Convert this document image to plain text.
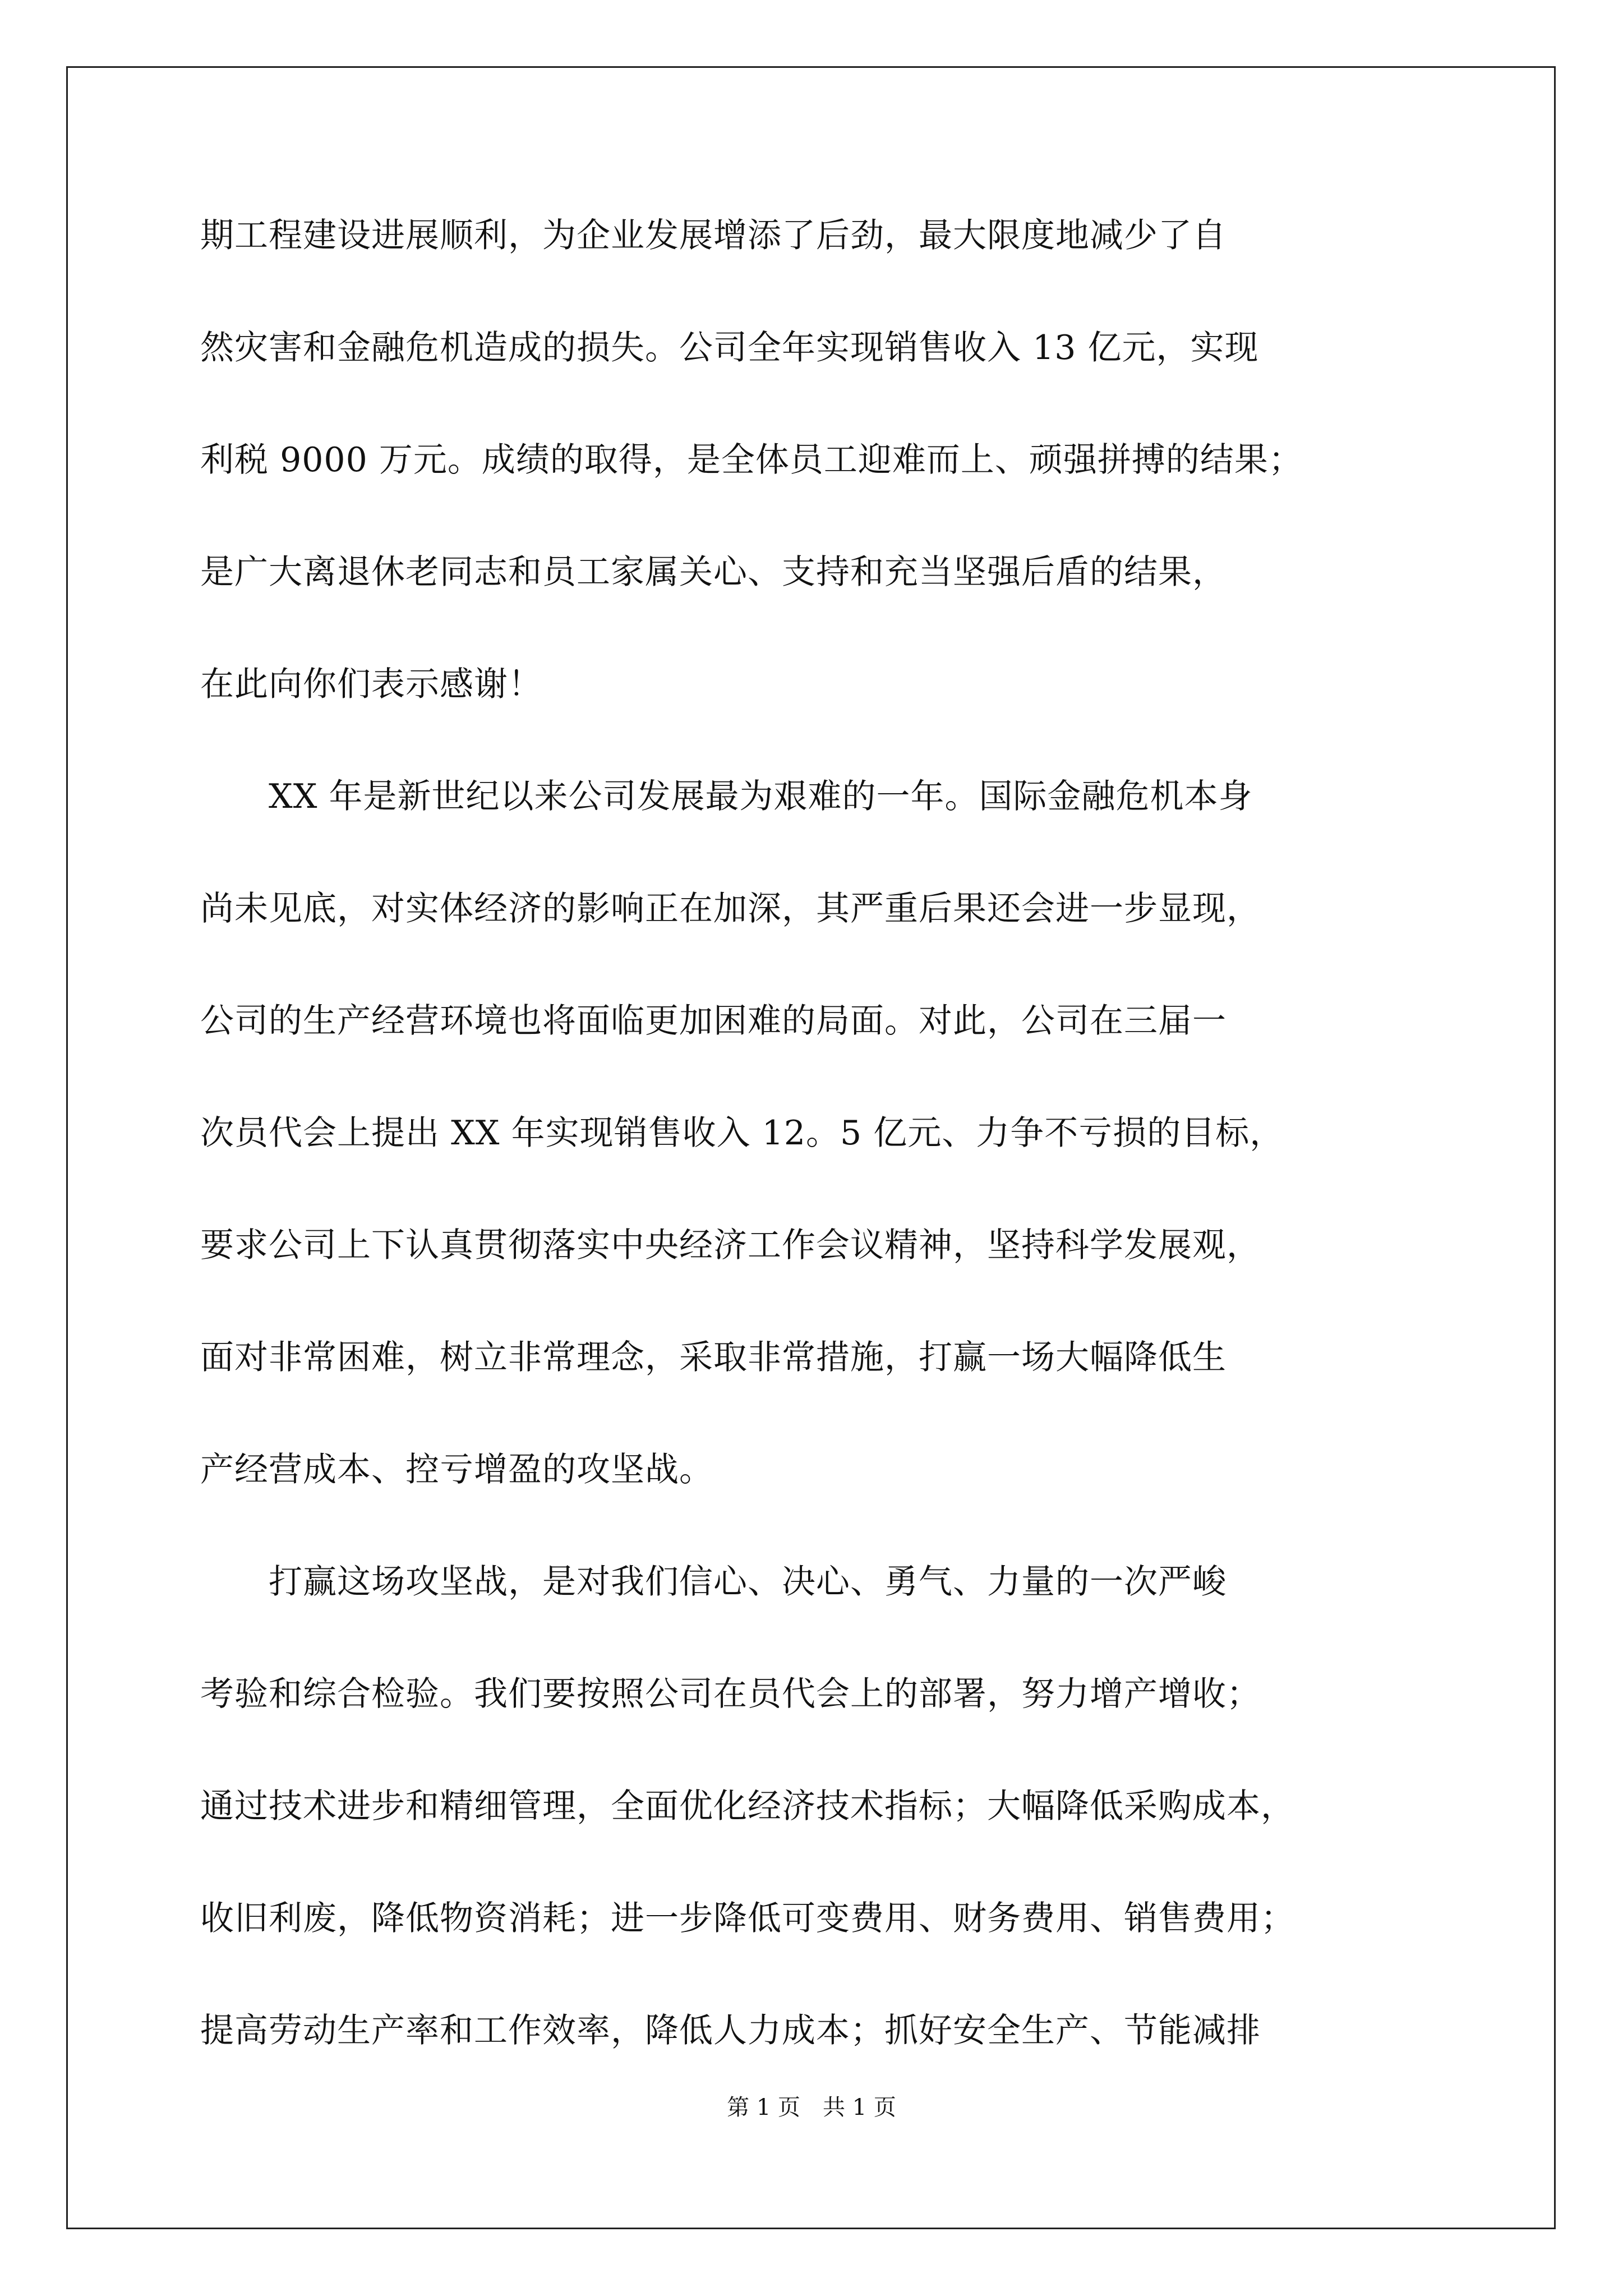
期工程建设进展顺利，为企业发展增添了后劲，最大限度地减少了自
然灾害和金融危机造成的损失。公司全年实现销售收入 13 亿元，实现
利税 9000 万元。成绩的取得，是全体员工迎难而上、顽强拼搏的结果；
是广大离退休老同志和员工家属关心、支持和充当坚强后盾的结果，
在此向你们表示感谢！
　　XX 年是新世纪以来公司发展最为艰难的一年。国际金融危机本身
尚未见底，对实体经济的影响正在加深，其严重后果还会进一步显现，
公司的生产经营环境也将面临更加困难的局面。对此，公司在三届一
次员代会上提出 XX 年实现销售收入 12。5 亿元、力争不亏损的目标，
要求公司上下认真贯彻落实中央经济工作会议精神，坚持科学发展观，
面对非常困难，树立非常理念，采取非常措施，打赢一场大幅降低生
产经营成本、控亏增盈的攻坚战。
　　打赢这场攻坚战，是对我们信心、决心、勇气、力量的一次严峻
考验和综合检验。我们要按照公司在员代会上的部署，努力增产增收；
通过技术进步和精细管理，全面优化经济技术指标；大幅降低采购成本，
收旧利废，降低物资消耗；进一步降低可变费用、财务费用、销售费用；
提高劳动生产率和工作效率，降低人力成本；抓好安全生产、节能减排
第 1 页　共 1 页
